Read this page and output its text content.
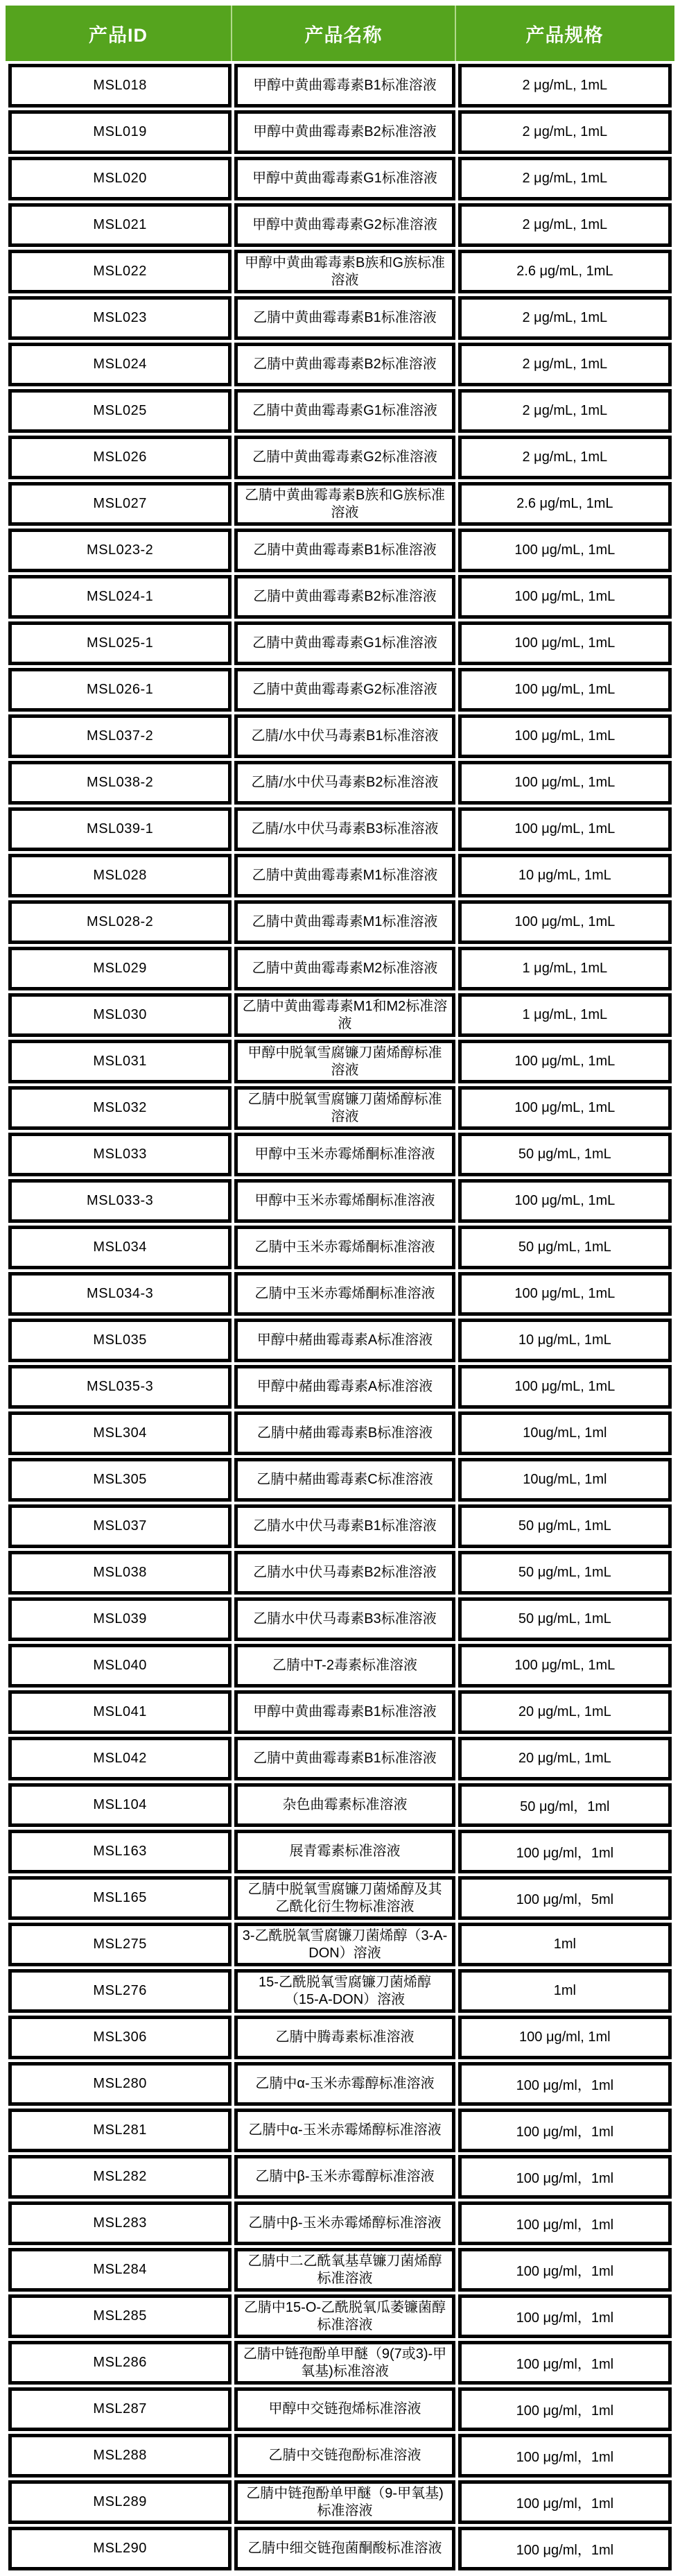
产品ID	产品名称	产品规格
MSL018	甲醇中黄曲霉毒素B1标准溶液	2 μg/mL, 1mL
MSL019	甲醇中黄曲霉毒素B2标准溶液	2 μg/mL, 1mL
MSL020	甲醇中黄曲霉毒素G1标准溶液	2 μg/mL, 1mL
MSL021	甲醇中黄曲霉毒素G2标准溶液	2 μg/mL, 1mL
MSL022	甲醇中黄曲霉毒素B族和G族标准溶液	2.6 μg/mL, 1mL
MSL023	乙腈中黄曲霉毒素B1标准溶液	2 μg/mL, 1mL
MSL024	乙腈中黄曲霉毒素B2标准溶液	2 μg/mL, 1mL
MSL025	乙腈中黄曲霉毒素G1标准溶液	2 μg/mL, 1mL
MSL026	乙腈中黄曲霉毒素G2标准溶液	2 μg/mL, 1mL
MSL027	乙腈中黄曲霉毒素B族和G族标准溶液	2.6 μg/mL, 1mL
MSL023-2	乙腈中黄曲霉毒素B1标准溶液	100 μg/mL, 1mL
MSL024-1	乙腈中黄曲霉毒素B2标准溶液	100 μg/mL, 1mL
MSL025-1	乙腈中黄曲霉毒素G1标准溶液	100 μg/mL, 1mL
MSL026-1	乙腈中黄曲霉毒素G2标准溶液	100 μg/mL, 1mL
MSL037-2	乙腈/水中伏马毒素B1标准溶液	100 μg/mL, 1mL
MSL038-2	乙腈/水中伏马毒素B2标准溶液	100 μg/mL, 1mL
MSL039-1	乙腈/水中伏马毒素B3标准溶液	100 μg/mL, 1mL
MSL028	乙腈中黄曲霉毒素M1标准溶液	10 μg/mL, 1mL
MSL028-2	乙腈中黄曲霉毒素M1标准溶液	100 μg/mL, 1mL
MSL029	乙腈中黄曲霉毒素M2标准溶液	1 μg/mL, 1mL
MSL030	乙腈中黄曲霉毒素M1和M2标准溶液	1 μg/mL, 1mL
MSL031	甲醇中脱氧雪腐镰刀菌烯醇标准溶液	100 μg/mL, 1mL
MSL032	乙腈中脱氧雪腐镰刀菌烯醇标准溶液	100 μg/mL, 1mL
MSL033	甲醇中玉米赤霉烯酮标准溶液	50 μg/mL, 1mL
MSL033-3	甲醇中玉米赤霉烯酮标准溶液	100 μg/mL, 1mL
MSL034	乙腈中玉米赤霉烯酮标准溶液	50 μg/mL, 1mL
MSL034-3	乙腈中玉米赤霉烯酮标准溶液	100 μg/mL, 1mL
MSL035	甲醇中赭曲霉毒素A标准溶液	10 μg/mL, 1mL
MSL035-3	甲醇中赭曲霉毒素A标准溶液	100 μg/mL, 1mL
MSL304	乙腈中赭曲霉毒素B标准溶液	10ug/mL, 1ml
MSL305	乙腈中赭曲霉毒素C标准溶液	10ug/mL, 1ml
MSL037	乙腈水中伏马毒素B1标准溶液	50 μg/mL, 1mL
MSL038	乙腈水中伏马毒素B2标准溶液	50 μg/mL, 1mL
MSL039	乙腈水中伏马毒素B3标准溶液	50 μg/mL, 1mL
MSL040	乙腈中T-2毒素标准溶液	100 μg/mL, 1mL
MSL041	甲醇中黄曲霉毒素B1标准溶液	20 μg/mL, 1mL
MSL042	乙腈中黄曲霉毒素B1标准溶液	20 μg/mL, 1mL
MSL104	杂色曲霉素标准溶液	50 μg/ml，1ml
MSL163	展青霉素标准溶液	100 μg/ml，1ml
MSL165	乙腈中脱氧雪腐镰刀菌烯醇及其乙酰化衍生物标准溶液	100 μg/ml，5ml
MSL275	3-乙酰脱氧雪腐镰刀菌烯醇（3-A-DON）溶液	1ml
MSL276	15-乙酰脱氧雪腐镰刀菌烯醇（15-A-DON）溶液	1ml
MSL306	乙腈中腾毒素标准溶液	100 μg/ml, 1ml
MSL280	乙腈中α-玉米赤霉醇标准溶液	100 μg/ml，1ml
MSL281	乙腈中α-玉米赤霉烯醇标准溶液	100 μg/ml，1ml
MSL282	乙腈中β-玉米赤霉醇标准溶液	100 μg/ml，1ml
MSL283	乙腈中β-玉米赤霉烯醇标准溶液	100 μg/ml，1ml
MSL284	乙腈中二乙酰氧基草镰刀菌烯醇标准溶液	100 μg/ml，1ml
MSL285	乙腈中15-O-乙酰脱氧瓜萎镰菌醇标准溶液	100 μg/ml，1ml
MSL286	乙腈中链孢酚单甲醚（9(7或3)-甲氧基)标准溶液	100 μg/ml，1ml
MSL287	甲醇中交链孢烯标准溶液	100 μg/ml，1ml
MSL288	乙腈中交链孢酚标准溶液	100 μg/ml，1ml
MSL289	乙腈中链孢酚单甲醚（9-甲氧基)标准溶液	100 μg/ml，1ml
MSL290	乙腈中细交链孢菌酮酸标准溶液	100 μg/ml，1ml
